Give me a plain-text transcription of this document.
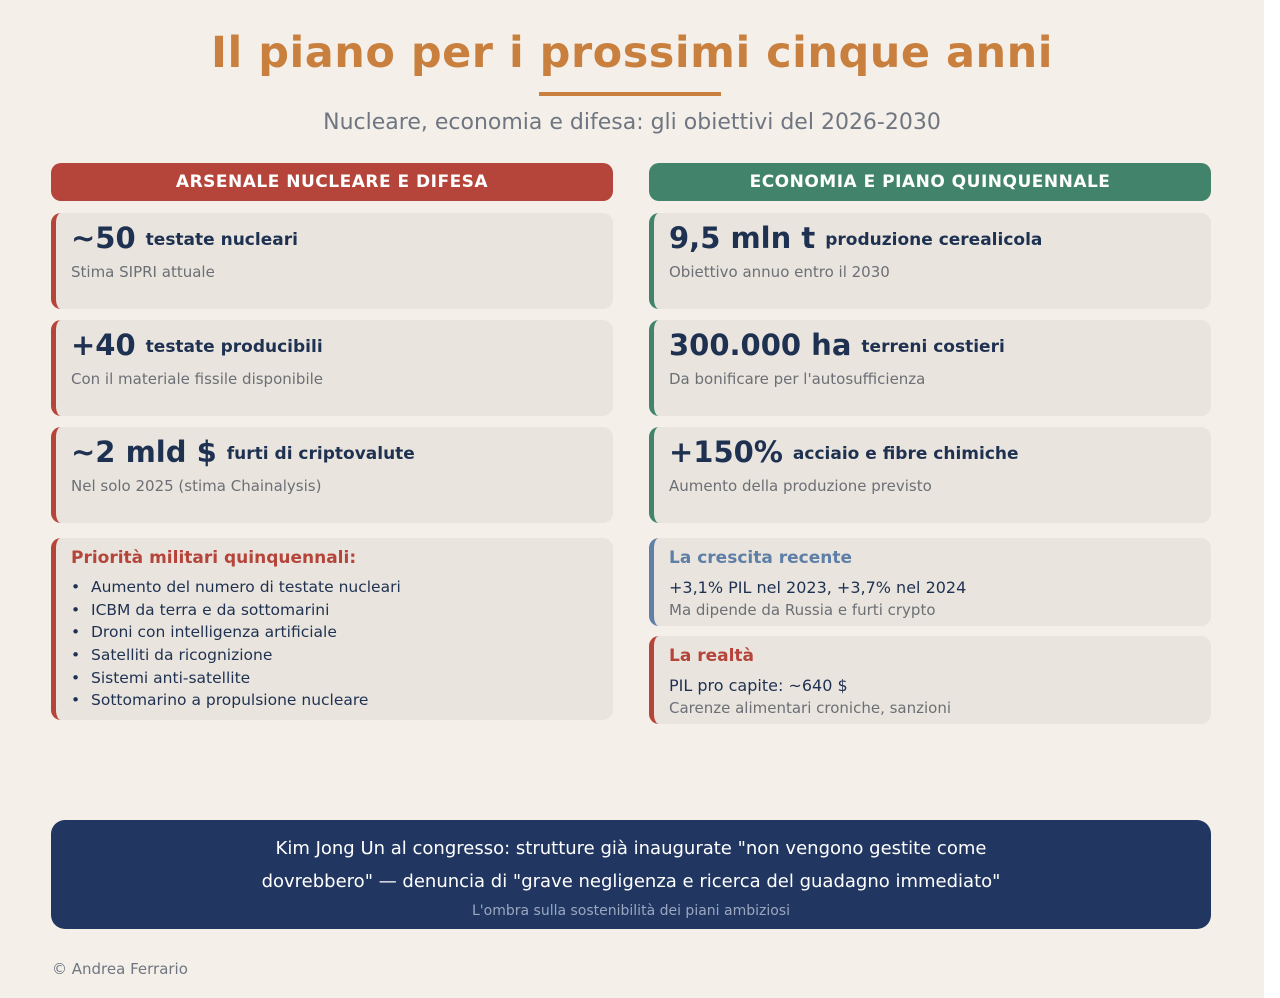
Il piano per i prossimi cinque anni
Nucleare, economia e difesa: gli obiettivi del 2026-2030
ARSENALE NUCLEARE E DIFESA	ECONOMIA E PIANO QUINQUENNALE
~50 testate nucleari
Stima SIPRI attuale
+40 testate producibili
Con il materiale fissile disponibile
~2 mld $ furti di criptovalute
Nel solo 2025 (stima Chainalysis)
9,5 mln t produzione cerealicola
Obiettivo annuo entro il 2030
300.000 ha terreni costieri
Da bonificare per l'autosufficienza
+150% acciaio e fibre chimiche
Aumento della produzione previsto
Priorità militari quinquennali:
• Aumento del numero di testate nucleari
• ICBM da terra e da sottomarini
• Droni con intelligenza artificiale
• Satelliti da ricognizione
• Sistemi anti-satellite
• Sottomarino a propulsione nucleare
La crescita recente
+3,1% PIL nel 2023, +3,7% nel 2024
Ma dipende da Russia e furti crypto
La realtà
PIL pro capite: ~640 $
Carenze alimentari croniche, sanzioni
Kim Jong Un al congresso: strutture già inaugurate "non vengono gestite come
dovrebbero" — denuncia di "grave negligenza e ricerca del guadagno immediato"
L'ombra sulla sostenibilità dei piani ambiziosi
© Andrea Ferrario
